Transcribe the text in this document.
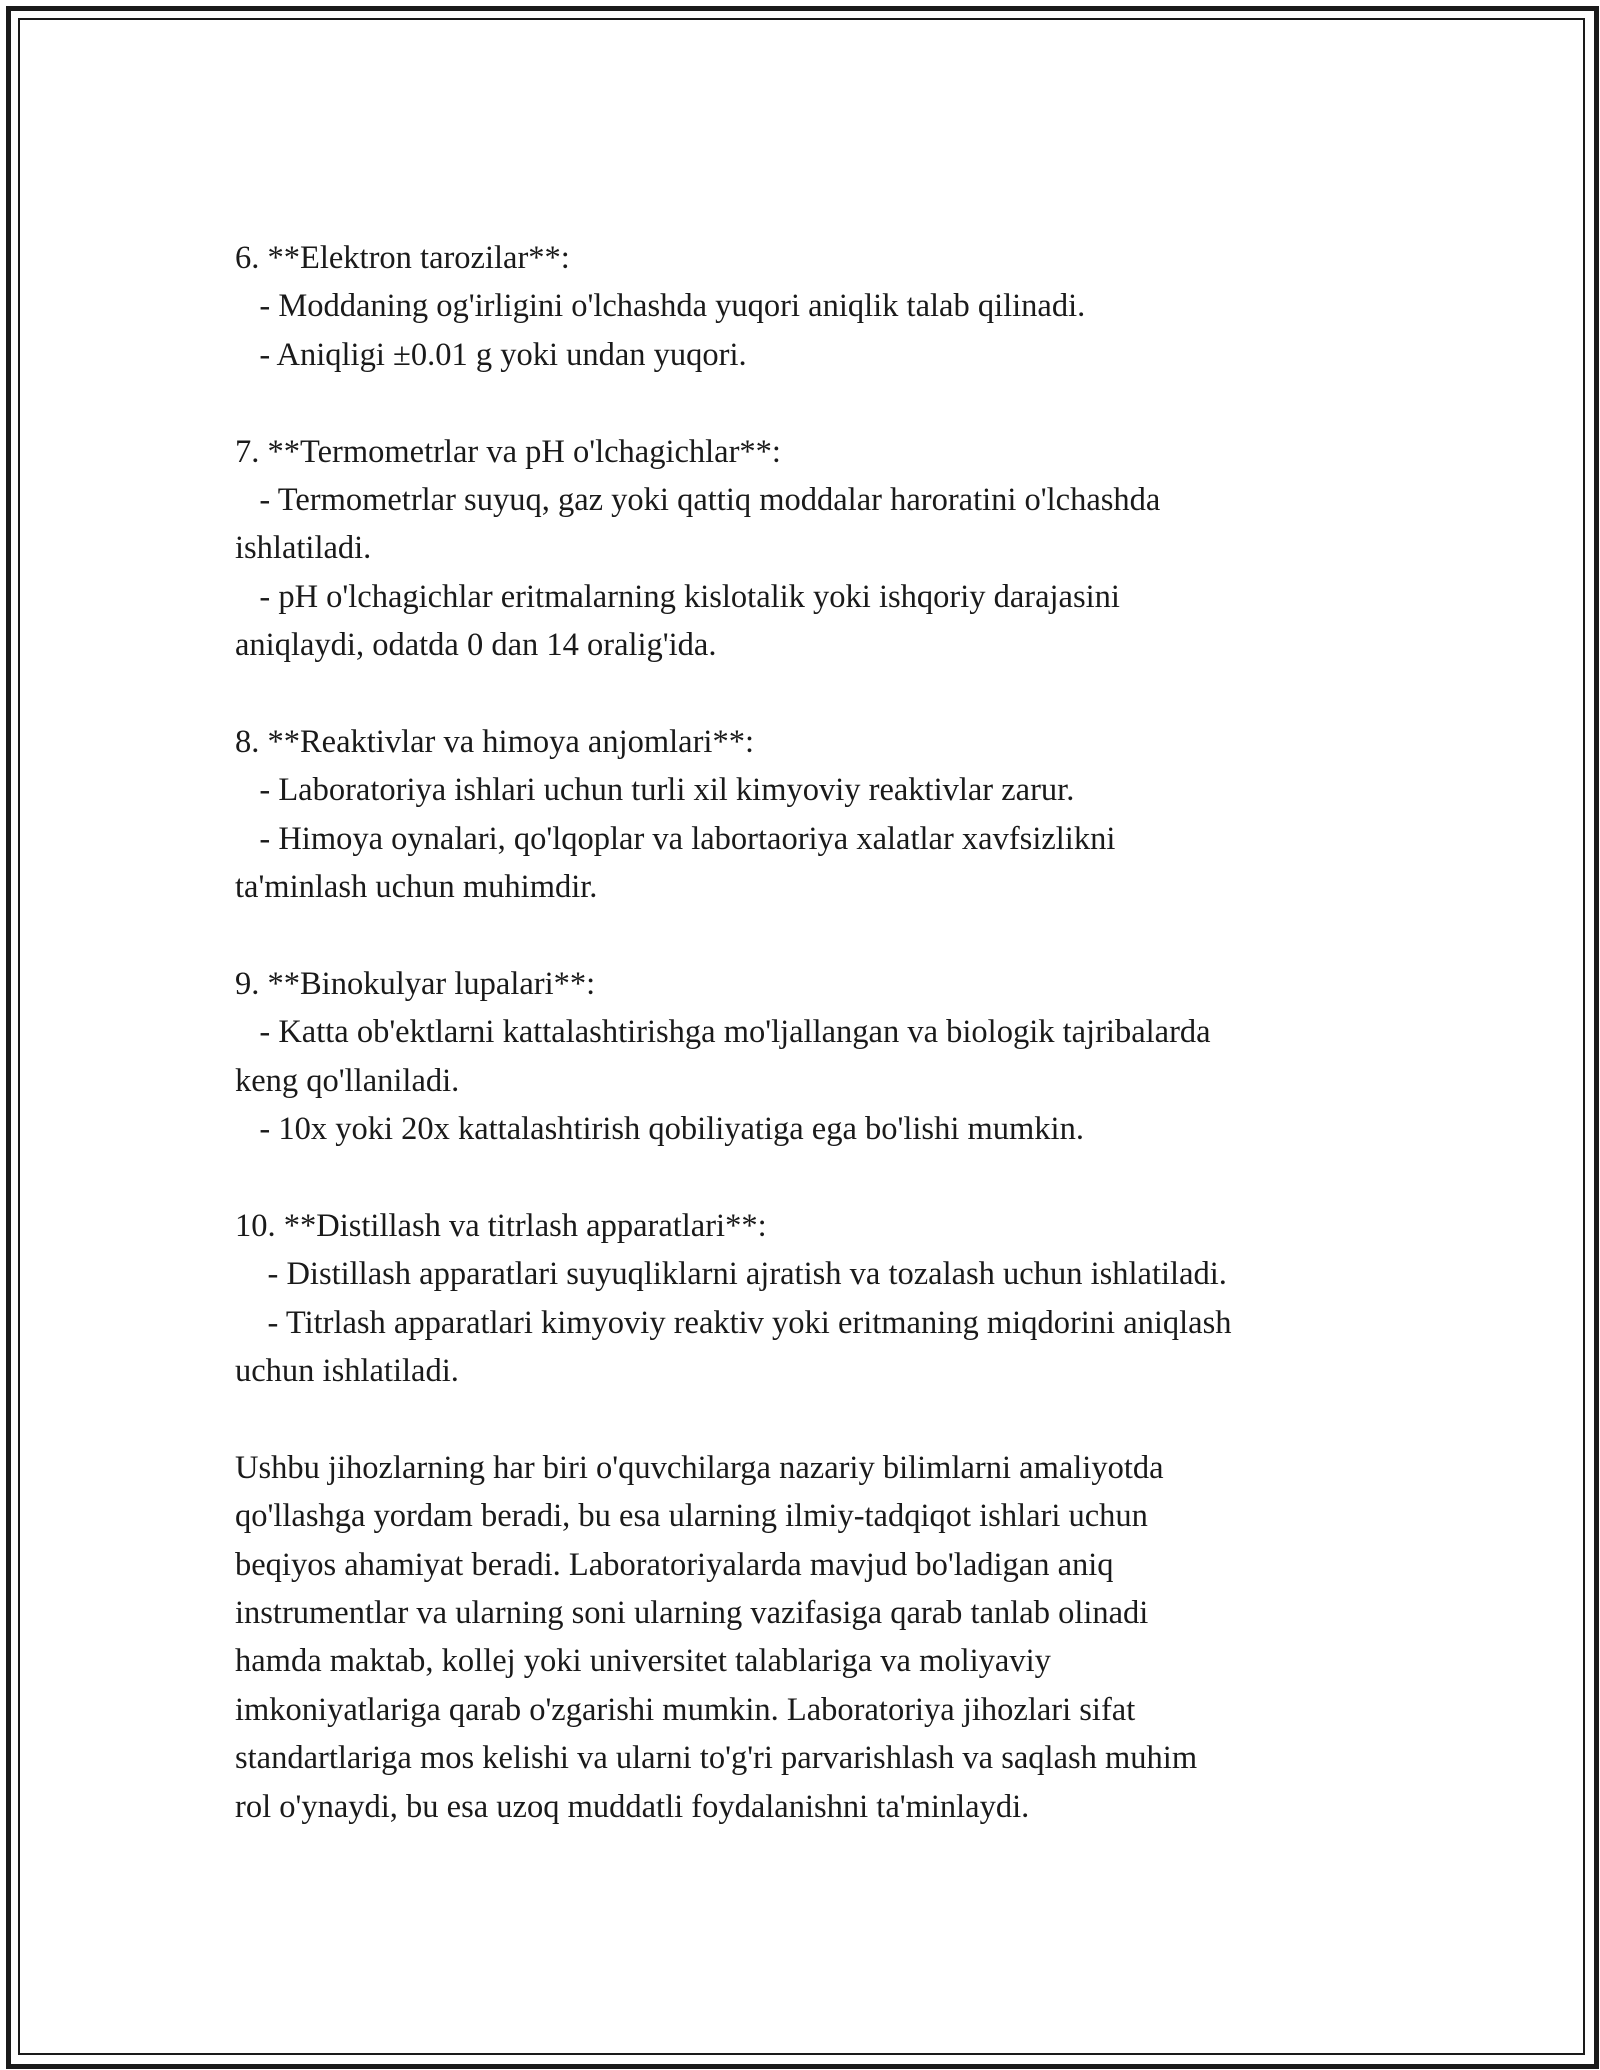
6. **Elektron tarozilar**:
- Moddaning og'irligini o'lchashda yuqori aniqlik talab qilinadi.
- Aniqligi ±0.01 g yoki undan yuqori.
7. **Termometrlar va pH o'lchagichlar**:
- Termometrlar suyuq, gaz yoki qattiq moddalar haroratini o'lchashda
ishlatiladi.
- pH o'lchagichlar eritmalarning kislotalik yoki ishqoriy darajasini
aniqlaydi, odatda 0 dan 14 oralig'ida.
8. **Reaktivlar va himoya anjomlari**:
- Laboratoriya ishlari uchun turli xil kimyoviy reaktivlar zarur.
- Himoya oynalari, qo'lqoplar va labortaoriya xalatlar xavfsizlikni
ta'minlash uchun muhimdir.
9. **Binokulyar lupalari**:
- Katta ob'ektlarni kattalashtirishga mo'ljallangan va biologik tajribalarda
keng qo'llaniladi.
- 10x yoki 20x kattalashtirish qobiliyatiga ega bo'lishi mumkin.
10. **Distillash va titrlash apparatlari**:
- Distillash apparatlari suyuqliklarni ajratish va tozalash uchun ishlatiladi.
- Titrlash apparatlari kimyoviy reaktiv yoki eritmaning miqdorini aniqlash
uchun ishlatiladi.
Ushbu jihozlarning har biri o'quvchilarga nazariy bilimlarni amaliyotda
qo'llashga yordam beradi, bu esa ularning ilmiy-tadqiqot ishlari uchun
beqiyos ahamiyat beradi. Laboratoriyalarda mavjud bo'ladigan aniq
instrumentlar va ularning soni ularning vazifasiga qarab tanlab olinadi
hamda maktab, kollej yoki universitet talablariga va moliyaviy
imkoniyatlariga qarab o'zgarishi mumkin. Laboratoriya jihozlari sifat
standartlariga mos kelishi va ularni to'g'ri parvarishlash va saqlash muhim
rol o'ynaydi, bu esa uzoq muddatli foydalanishni ta'minlaydi.
